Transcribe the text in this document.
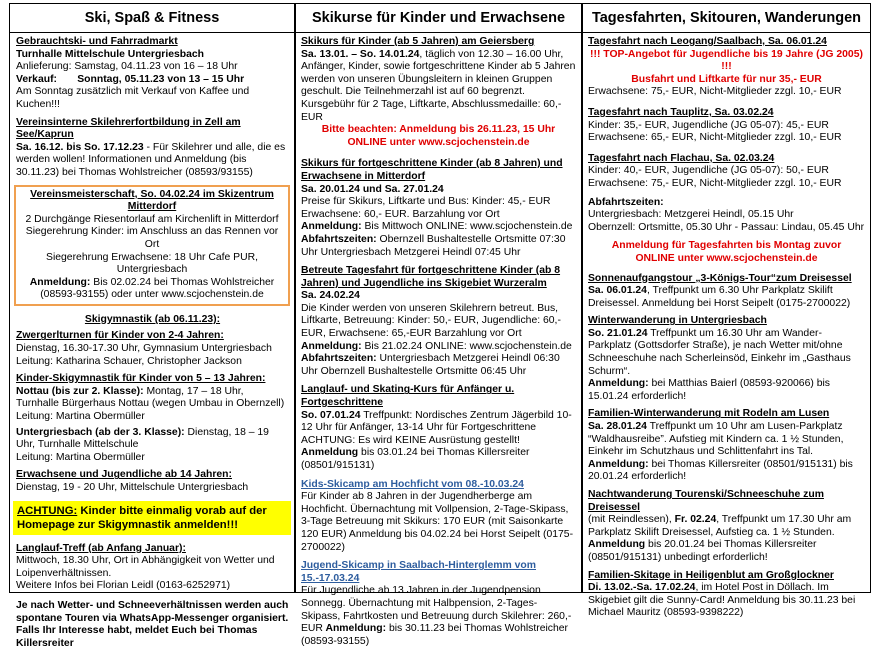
Ski, Spaß & Fitness
Gebrauchtski- und Fahrradmarkt
Turnhalle Mittelschule Untergriesbach
Anlieferung: Samstag, 04.11.23 von 16 – 18 Uhr
Verkauf: Sonntag, 05.11.23 von 13 – 15 Uhr
Am Sonntag zusätzlich mit Verkauf von Kaffee und Kuchen!!!
Vereinsinterne Skilehrerfortbildung in Zell am See/Kaprun
Sa. 16.12. bis So. 17.12.23 - Für Skilehrer und alle, die es werden wollen! Informationen und Anmeldung (bis 30.11.23) bei Thomas Wohlstreicher (08593/93155)
Vereinsmeisterschaft, So. 04.02.24 im Skizentrum Mitterdorf
2 Durchgänge Riesentorlauf am Kirchenlift in Mitterdorf
Siegerehrung Kinder: im Anschluss an das Rennen vor Ort
Siegerehrung Erwachsene: 18 Uhr Cafe PUR, Untergriesbach
Anmeldung: Bis 02.02.24 bei Thomas Wohlstreicher (08593-93155) oder unter www.scjochenstein.de
Skigymnastik (ab 06.11.23):
Zwergerlturnen für Kinder von 2-4 Jahren:
Dienstag, 16.30-17.30 Uhr, Gymnasium Untergriesbach
Leitung: Katharina Schauer, Christopher Jackson
Kinder-Skigymnastik für Kinder von 5 – 13 Jahren:
Nottau (bis zur 2. Klasse): Montag, 17 – 18 Uhr, Turnhalle Bürgerhaus Nottau (wegen Umbau in Obernzell)
Leitung: Martina Obermüller
Untergriesbach (ab der 3. Klasse): Dienstag, 18 – 19 Uhr, Turnhalle Mittelschule
Leitung: Martina Obermüller
Erwachsene und Jugendliche ab 14 Jahren:
Dienstag, 19 - 20 Uhr, Mittelschule Untergriesbach
ACHTUNG: Kinder bitte einmalig vorab auf der Homepage zur Skigymnastik anmelden!!!
Langlauf-Treff (ab Anfang Januar):
Mittwoch, 18.30 Uhr, Ort in Abhängigkeit von Wetter und Loipenverhältnissen.
Weitere Infos bei Florian Leidl (0163-6252971)
Je nach Wetter- und Schneeverhältnissen werden auch spontane Touren via WhatsApp-Messenger organisiert. Falls Ihr Interesse habt, meldet Euch bei Thomas Killersreiter
Skikurse für Kinder und Erwachsene
Skikurs für Kinder (ab 5 Jahren) am Geiersberg
Sa. 13.01. – So. 14.01.24, täglich von 12.30 – 16.00 Uhr, Anfänger, Kinder, sowie fortgeschrittene Kinder ab 5 Jahren werden von unseren Übungsleitern in kleinen Gruppen geschult. Die Teilnehmerzahl ist auf 60 begrenzt.
Kursgebühr für 2 Tage, Liftkarte, Abschlussmedaille: 60,- EUR
Bitte beachten: Anmeldung bis 26.11.23, 15 Uhr
ONLINE unter www.scjochenstein.de
Skikurs für fortgeschrittene Kinder (ab 8 Jahren) und Erwachsene in Mitterdorf
Sa. 20.01.24 und Sa. 27.01.24
Preise für Skikurs, Liftkarte und Bus: Kinder: 45,- EUR
Erwachsene: 60,- EUR. Barzahlung vor Ort
Anmeldung: Bis Mittwoch ONLINE: www.scjochenstein.de
Abfahrtszeiten: Obernzell Bushaltestelle Ortsmitte 07:30 Uhr Untergriesbach Metzgerei Heindl 07:45 Uhr
Betreute Tagesfahrt für fortgeschrittene Kinder (ab 8 Jahren) und Jugendliche ins Skigebiet Wurzeralm
Sa. 24.02.24
Die Kinder werden von unseren Skilehrern betreut. Bus, Liftkarte, Betreuung: Kinder: 50,- EUR, Jugendliche: 60,- EUR, Erwachsene: 65,-EUR Barzahlung vor Ort
Anmeldung: Bis 21.02.24 ONLINE: www.scjochenstein.de
Abfahrtszeiten: Untergriesbach Metzgerei Heindl 06:30 Uhr Obernzell Bushaltestelle Ortsmitte 06:45 Uhr
Langlauf- und Skating-Kurs für Anfänger u. Fortgeschrittene
So. 07.01.24 Treffpunkt: Nordisches Zentrum Jägerbild 10-12 Uhr für Anfänger, 13-14 Uhr für Fortgeschrittene ACHTUNG: Es wird KEINE Ausrüstung gestellt! Anmeldung bis 03.01.24 bei Thomas Killersreiter (08501/915131)
Kids-Skicamp am Hochficht vom 08.-10.03.24
Für Kinder ab 8 Jahren in der Jugendherberge am Hochficht. Übernachtung mit Vollpension, 2-Tage-Skipass, 3-Tage Betreuung mit Skikurs: 170 EUR (mit Saisonkarte 120 EUR) Anmeldung bis 04.02.24 bei Horst Seipelt (0175-2700022)
Jugend-Skicamp in Saalbach-Hinterglemm vom 15.-17.03.24
Für Jugendliche ab 13 Jahren in der Jugendpension Sonnegg. Übernachtung mit Halbpension, 2-Tages-Skipass, Fahrtkosten und Betreuung durch Skilehrer: 260,- EUR Anmeldung: bis 30.11.23 bei Thomas Wohlstreicher (08593-93155)
Tagesfahrten, Skitouren, Wanderungen
Tagesfahrt nach Leogang/Saalbach, Sa. 06.01.24
!!! TOP-Angebot für Jugendliche bis 19 Jahre (JG 2005) !!!
Busfahrt und Liftkarte für nur 35,- EUR
Erwachsene: 75,- EUR, Nicht-Mitglieder zzgl. 10,- EUR
Tagesfahrt nach Tauplitz, Sa. 03.02.24
Kinder: 35,- EUR, Jugendliche (JG 05-07): 45,- EUR
Erwachsene: 65,- EUR, Nicht-Mitglieder zzgl. 10,- EUR
Tagesfahrt nach Flachau, Sa. 02.03.24
Kinder: 40,- EUR, Jugendliche (JG 05-07): 50,- EUR
Erwachsene: 75,- EUR, Nicht-Mitglieder zzgl. 10,- EUR
Abfahrtszeiten:
Untergriesbach: Metzgerei Heindl, 05.15 Uhr
Obernzell: Ortsmitte, 05.30 Uhr - Passau: Lindau, 05.45 Uhr
Anmeldung für Tagesfahrten bis Montag zuvor
ONLINE unter www.scjochenstein.de
Sonnenaufgangstour „3-Königs-Tour“zum Dreisessel
Sa. 06.01.24, Treffpunkt um 6.30 Uhr Parkplatz Skilift Dreisessel. Anmeldung bei Horst Seipelt (0175-2700022)
Winterwanderung in Untergriesbach
So. 21.01.24 Treffpunkt um 16.30 Uhr am Wander-Parkplatz (Gottsdorfer Straße), je nach Wetter mit/ohne Schneeschuhe nach Scherleinsöd, Einkehr im „Gasthaus Schurm“.
Anmeldung: bei Matthias Baierl (08593-920066) bis 15.01.24 erforderlich!
Familien-Winterwanderung mit Rodeln am Lusen
Sa. 28.01.24 Treffpunkt um 10 Uhr am Lusen-Parkplatz “Waldhausreibe”. Aufstieg mit Kindern ca. 1 ½ Stunden, Einkehr im Schutzhaus und Schlittenfahrt ins Tal.
Anmeldung: bei Thomas Killersreiter (08501/915131) bis 20.01.24 erforderlich!
Nachtwanderung Tourenski/Schneeschuhe zum Dreisessel
(mit Reindlessen), Fr. 02.24, Treffpunkt um 17.30 Uhr am Parkplatz Skilift Dreisessel, Aufstieg ca. 1 ½ Stunden.
Anmeldung bis 20.01.24 bei Thomas Killersreiter (08501/915131) unbedingt erforderlich!
Familien-Skitage in Heiligenblut am Großglockner
Di. 13.02.-Sa. 17.02.24, im Hotel Post in Döllach. Im Skigebiet gilt die Sunny-Card! Anmeldung bis 30.11.23 bei Michael Mauritz (08593-9398222)
